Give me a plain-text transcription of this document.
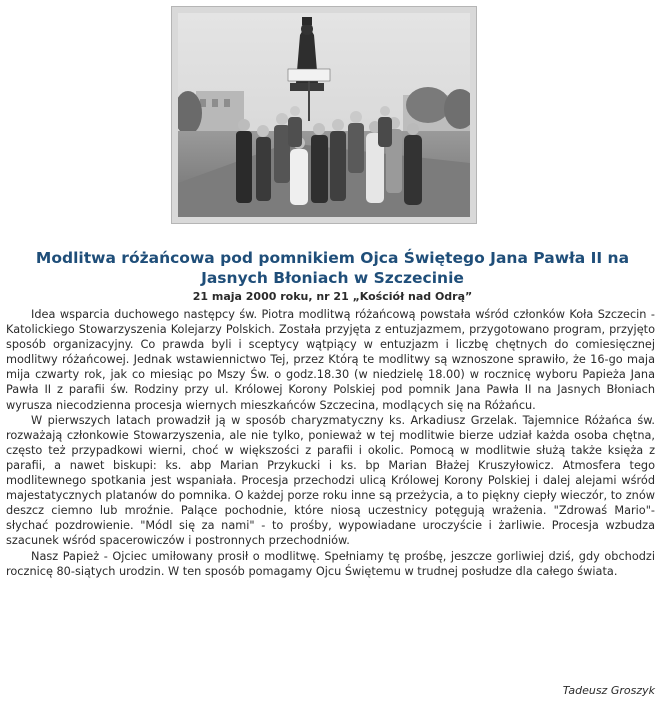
Modlitwa różańcowa pod pomnikiem Ojca Świętego Jana Pawła II na Jasnych Błoniach w Szczecinie
21 maja 2000 roku, nr 21 „Kościół nad Odrą”

Idea wsparcia duchowego następcy św. Piotra modlitwą różańcową powstała wśród członków Koła Szczecin - Katolickiego Stowarzyszenia Kolejarzy Polskich. Została przyjęta z entuzjazmem, przygotowano program, przyjęto sposób organizacyjny. Co prawda byli i sceptycy wątpiący w entuzjazm i liczbę chętnych do comiesięcznej modlitwy różańcowej. Jednak wstawiennictwo Tej, przez Którą te modlitwy są wznoszone sprawiło, że 16-go maja mija czwarty rok, jak co miesiąc po Mszy Św. o godz.18.30 (w niedzielę 18.00) w rocznicę wyboru Papieża Jana Pawła II z parafii św. Rodziny przy ul. Królowej Korony Polskiej pod pomnik Jana Pawła II na Jasnych Błoniach wyrusza niecodzienna procesja wiernych mieszkańców Szczecina, modlących się na Różańcu.

W pierwszych latach prowadził ją w sposób charyzmatyczny ks. Arkadiusz Grzelak. Tajemnice Różańca św. rozważają członkowie Stowarzyszenia, ale nie tylko, ponieważ w tej modlitwie bierze udział każda osoba chętna, często też przypadkowi wierni, choć w większości z parafii i okolic. Pomocą w modlitwie służą także księża z parafii, a nawet biskupi: ks. abp Marian Przykucki i ks. bp Marian Błażej Kruszyłowicz. Atmosfera tego modlitewnego spotkania jest wspaniała. Procesja przechodzi ulicą Królowej Korony Polskiej i dalej alejami wśród majestatycznych platanów do pomnika. O każdej porze roku inne są przeżycia, a to piękny ciepły wieczór, to znów deszcz ciemno lub mroźnie. Palące pochodnie, które niosą uczestnicy potęgują wrażenia. "Zdrowaś Mario"- słychać pozdrowienie. "Módl się za nami" - to prośby, wypowiadane uroczyście i żarliwie. Procesja wzbudza szacunek wśród spacerowiczów i postronnych przechodniów.

Nasz Papież - Ojciec umiłowany prosił o modlitwę. Spełniamy tę prośbę, jeszcze gorliwiej dziś, gdy obchodzi rocznicę 80-siątych urodzin. W ten sposób pomagamy Ojcu Świętemu w trudnej posłudze dla całego świata.

Tadeusz Groszyk
